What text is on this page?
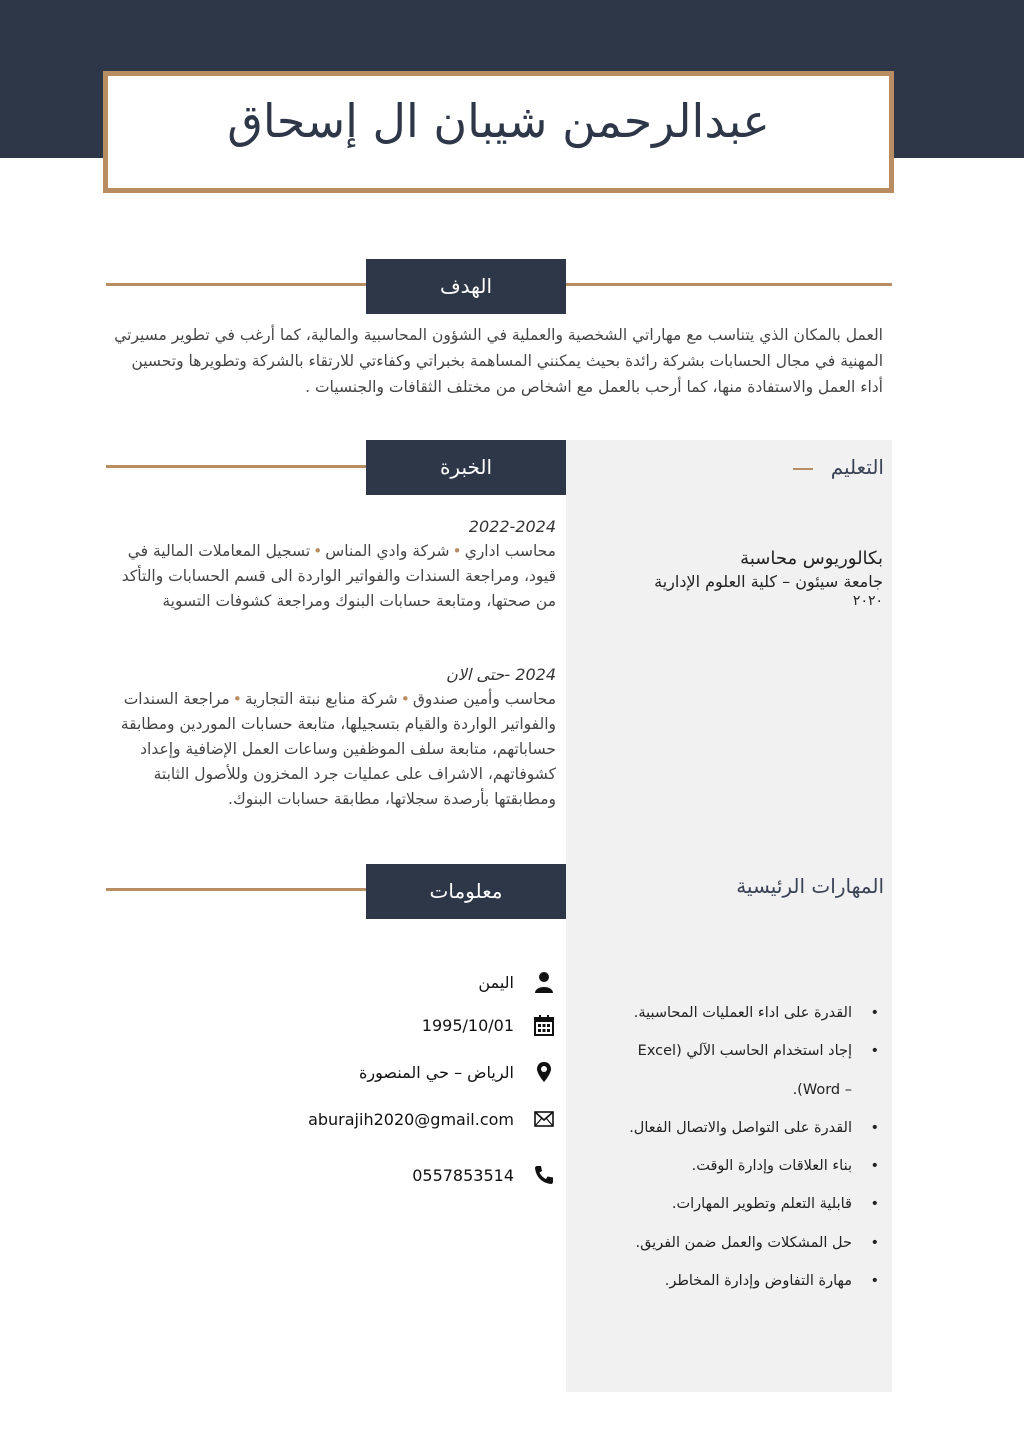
عبدالرحمن شيبان ال إسحاق
الهدف
العمل بالمكان الذي يتناسب مع مهاراتي الشخصية والعملية في الشؤون المحاسبية والمالية، كما أرغب في تطوير مسيرتي المهنية في مجال الحسابات بشركة رائدة بحيث يمكنني المساهمة بخبراتي وكفاءتي للارتقاء بالشركة وتطويرها وتحسين أداء العمل والاستفادة منها، كما أرحب بالعمل مع اشخاص من مختلف الثقافات والجنسيات .
الخبرة
2022-2024
محاسب اداري•شركة وادي المناس•تسجيل المعاملات المالية في قيود، ومراجعة السندات والفواتير الواردة الى قسم الحسابات والتأكد من صحتها، ومتابعة حسابات البنوك ومراجعة كشوفات التسوية
2024 -حتى الان
محاسب وأمين صندوق•شركة منابع نبتة التجارية•مراجعة السندات والفواتير الواردة والقيام بتسجيلها، متابعة حسابات الموردين ومطابقة حساباتهم، متابعة سلف الموظفين وساعات العمل الإضافية وإعداد كشوفاتهم، الاشراف على عمليات جرد المخزون وللأصول الثابتة ومطابقتها بأرصدة سجلاتها، مطابقة حسابات البنوك.
معلومات
اليمن
1995/10/01
الرياض – حي المنصورة
aburajih2020@gmail.com
0557853514
التعليم
بكالوريوس محاسبة
جامعة سيئون – كلية العلوم الإدارية
٢٠٢٠
المهارات الرئيسية
• القدرة على اداء العمليات المحاسبية.
• إجاد استخدام الحاسب الآلي (Excel
– Word).
• القدرة على التواصل والاتصال الفعال.
• بناء العلاقات وإدارة الوقت.
• قابلية التعلم وتطوير المهارات.
• حل المشكلات والعمل ضمن الفريق.
• مهارة التفاوض وإدارة المخاطر.
